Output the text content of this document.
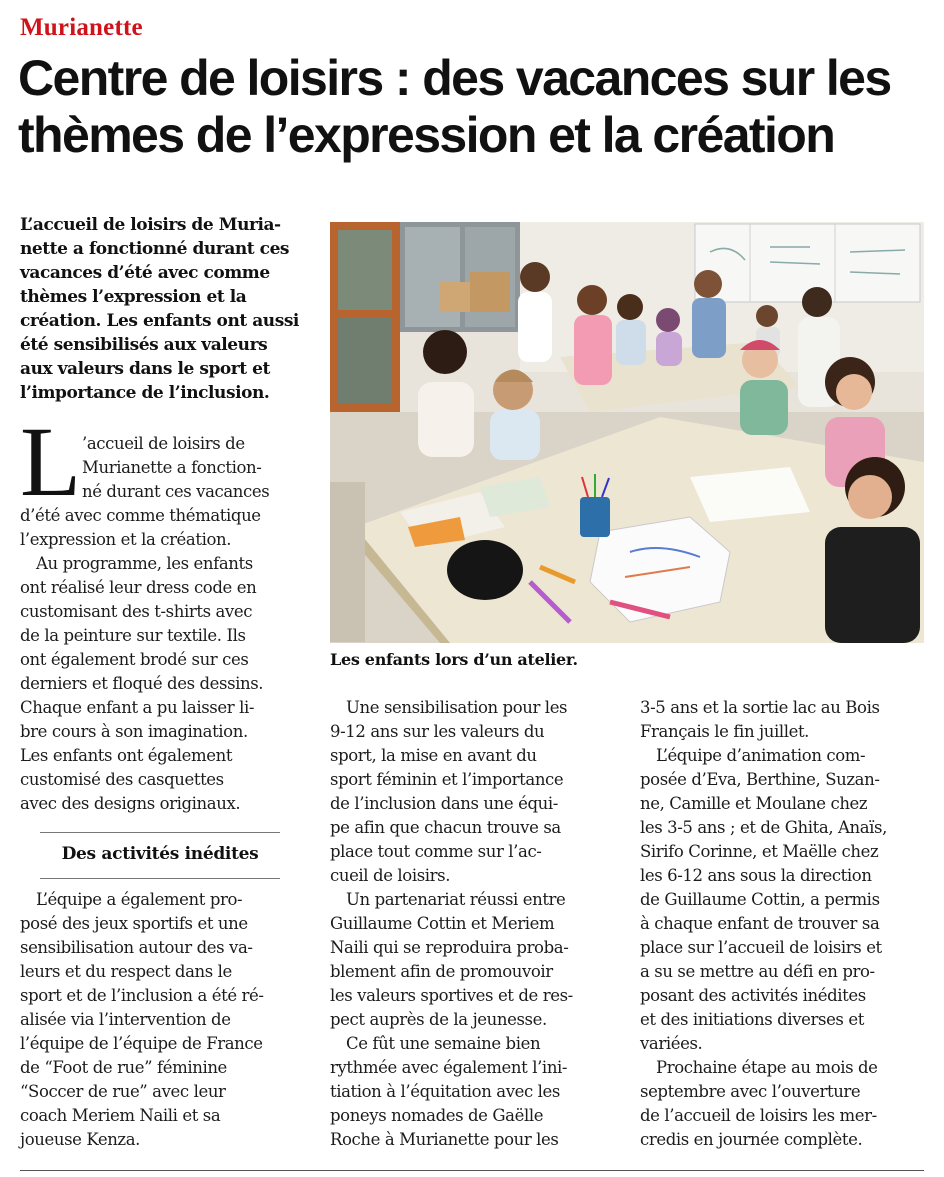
Murianette
Centre de loisirs : des vacances sur les
thèmes de l’expression et la création
L’accueil de loisirs de Muria-
nette a fonctionné durant ces
vacances d’été avec comme
thèmes l’expression et la
création. Les enfants ont aussi
été sensibilisés aux valeurs
aux valeurs dans le sport et
l’importance de l’inclusion.
Les enfants lors d’un atelier.
L ’accueil de loisirs de
Murianette a fonction-
né durant ces vacances
d’été avec comme thématique
l’expression et la création.
Au programme, les enfants
ont réalisé leur dress code en
customisant des t-shirts avec
de la peinture sur textile. Ils
ont également brodé sur ces
derniers et floqué des dessins.
Chaque enfant a pu laisser li-
bre cours à son imagination.
Les enfants ont également
customisé des casquettes
avec des designs originaux.
Des activités inédites
L’équipe a également pro-
posé des jeux sportifs et une
sensibilisation autour des va-
leurs et du respect dans le
sport et de l’inclusion a été ré-
alisée via l’intervention de
l’équipe de l’équipe de France
de “Foot de rue” féminine
“Soccer de rue” avec leur
coach Meriem Naili et sa
joueuse Kenza.
Une sensibilisation pour les
9-12 ans sur les valeurs du
sport, la mise en avant du
sport féminin et l’importance
de l’inclusion dans une équi-
pe afin que chacun trouve sa
place tout comme sur l’ac-
cueil de loisirs.
Un partenariat réussi entre
Guillaume Cottin et Meriem
Naili qui se reproduira proba-
blement afin de promouvoir
les valeurs sportives et de res-
pect auprès de la jeunesse.
Ce fût une semaine bien
rythmée avec également l’ini-
tiation à l’équitation avec les
poneys nomades de Gaëlle
Roche à Murianette pour les
3-5 ans et la sortie lac au Bois
Français le fin juillet.
L’équipe d’animation com-
posée d’Eva, Berthine, Suzan-
ne, Camille et Moulane chez
les 3-5 ans ; et de Ghita, Anaïs,
Sirifo Corinne, et Maëlle chez
les 6-12 ans sous la direction
de Guillaume Cottin, a permis
à chaque enfant de trouver sa
place sur l’accueil de loisirs et
a su se mettre au défi en pro-
posant des activités inédites
et des initiations diverses et
variées.
Prochaine étape au mois de
septembre avec l’ouverture
de l’accueil de loisirs les mer-
credis en journée complète.
